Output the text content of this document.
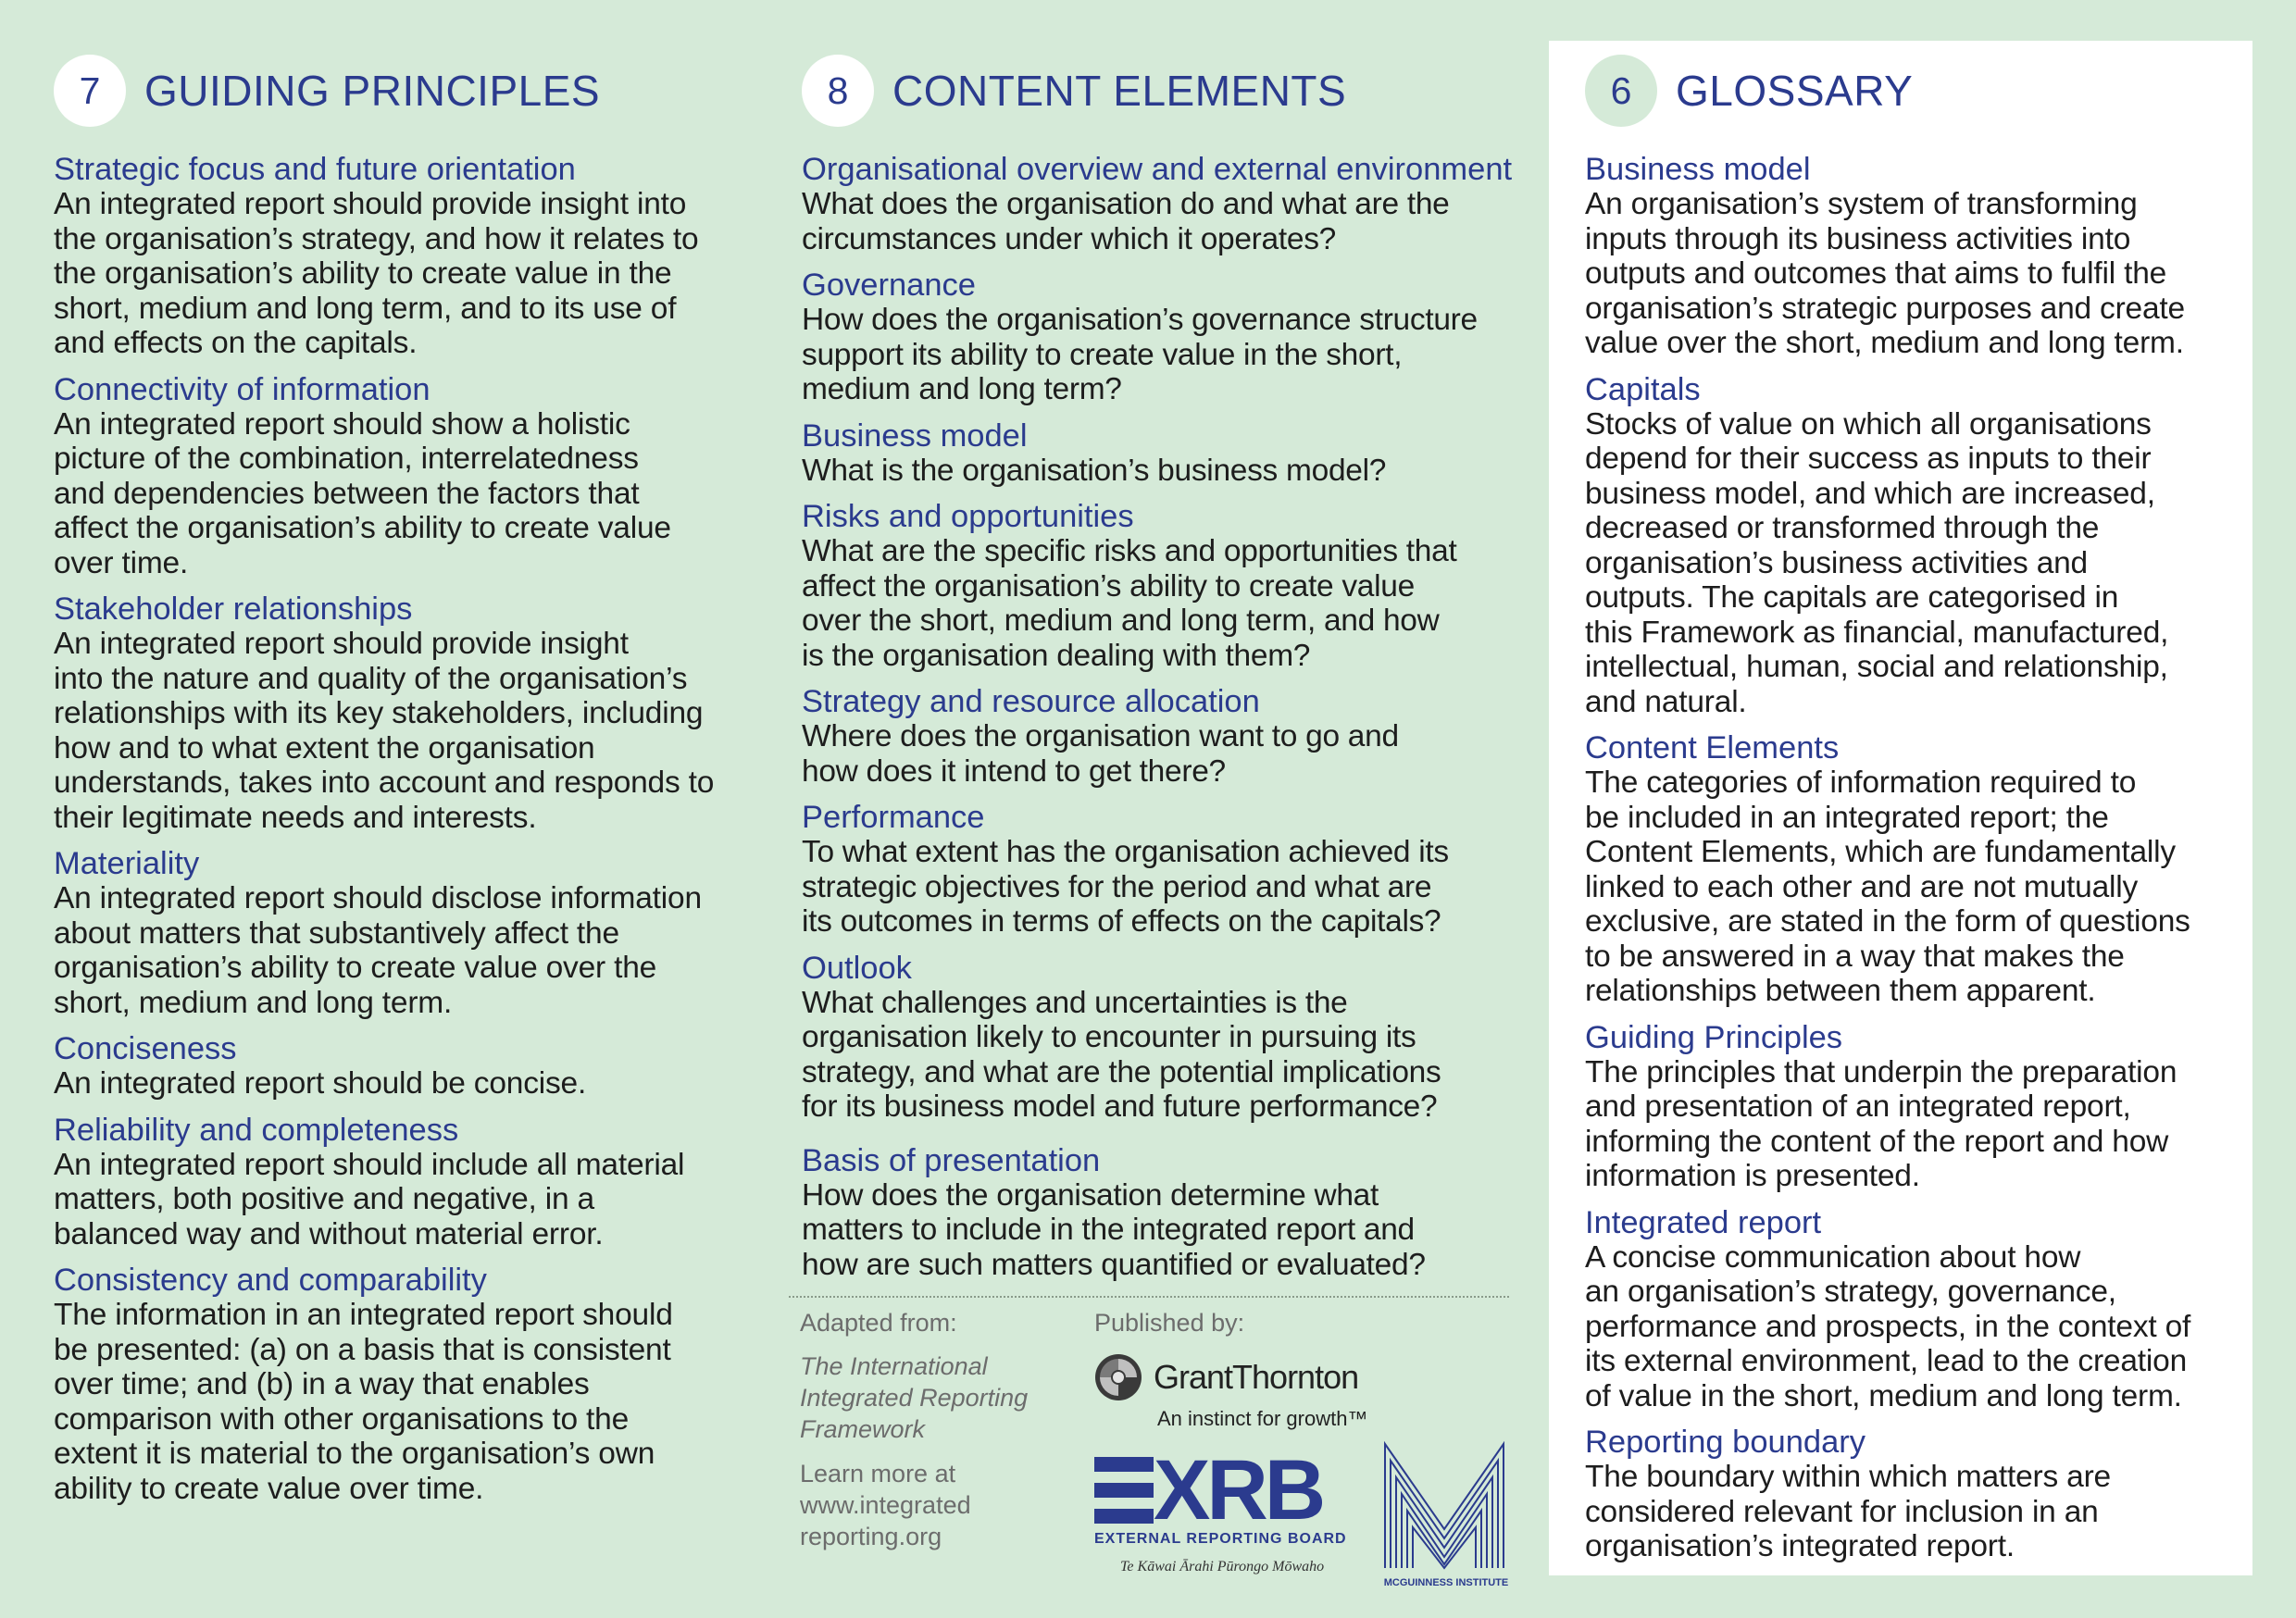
7	GUIDING PRINCIPLES
Strategic focus and future orientation
An integrated report should provide insight into
the organisation’s strategy, and how it relates to
the organisation’s ability to create value in the
short, medium and long term, and to its use of
and effects on the capitals.
Connectivity of information
An integrated report should show a holistic
picture of the combination, interrelatedness
and dependencies between the factors that
affect the organisation’s ability to create value
over time.
Stakeholder relationships
An integrated report should provide insight
into the nature and quality of the organisation’s
relationships with its key stakeholders, including
how and to what extent the organisation
understands, takes into account and responds to
their legitimate needs and interests.
Materiality
An integrated report should disclose information
about matters that substantively affect the
organisation’s ability to create value over the
short, medium and long term.
Conciseness
An integrated report should be concise.
Reliability and completeness
An integrated report should include all material
matters, both positive and negative, in a
balanced way and without material error.
Consistency and comparability
The information in an integrated report should
be presented: (a) on a basis that is consistent
over time; and (b) in a way that enables
comparison with other organisations to the
extent it is material to the organisation’s own
ability to create value over time.
8	CONTENT ELEMENTS
Organisational overview and external environment
What does the organisation do and what are the
circumstances under which it operates?
Governance
How does the organisation’s governance structure
support its ability to create value in the short,
medium and long term?
Business model
What is the organisation’s business model?
Risks and opportunities
What are the specific risks and opportunities that
affect the organisation’s ability to create value
over the short, medium and long term, and how
is the organisation dealing with them?
Strategy and resource allocation
Where does the organisation want to go and
how does it intend to get there?
Performance
To what extent has the organisation achieved its
strategic objectives for the period and what are
its outcomes in terms of effects on the capitals?
Outlook
What challenges and uncertainties is the
organisation likely to encounter in pursuing its
strategy, and what are the potential implications
for its business model and future performance?
Basis of presentation
How does the organisation determine what
matters to include in the integrated report and
how are such matters quantified or evaluated?
Adapted from:
The International
Integrated Reporting
Framework
Learn more at
www.integrated
reporting.org
Published by:
GrantThornton
An instinct for growth™
XRB
EXTERNAL REPORTING BOARD
Te Kāwai Ārahi Pūrongo Mōwaho
MCGUINNESS INSTITUTE
6	GLOSSARY
Business model
An organisation’s system of transforming
inputs through its business activities into
outputs and outcomes that aims to fulfil the
organisation’s strategic purposes and create
value over the short, medium and long term.
Capitals
Stocks of value on which all organisations
depend for their success as inputs to their
business model, and which are increased,
decreased or transformed through the
organisation’s business activities and
outputs. The capitals are categorised in
this Framework as financial, manufactured,
intellectual, human, social and relationship,
and natural.
Content Elements
The categories of information required to
be included in an integrated report; the
Content Elements, which are fundamentally
linked to each other and are not mutually
exclusive, are stated in the form of questions
to be answered in a way that makes the
relationships between them apparent.
Guiding Principles
The principles that underpin the preparation
and presentation of an integrated report,
informing the content of the report and how
information is presented.
Integrated report
A concise communication about how
an organisation’s strategy, governance,
performance and prospects, in the context of
its external environment, lead to the creation
of value in the short, medium and long term.
Reporting boundary
The boundary within which matters are
considered relevant for inclusion in an
organisation’s integrated report.
